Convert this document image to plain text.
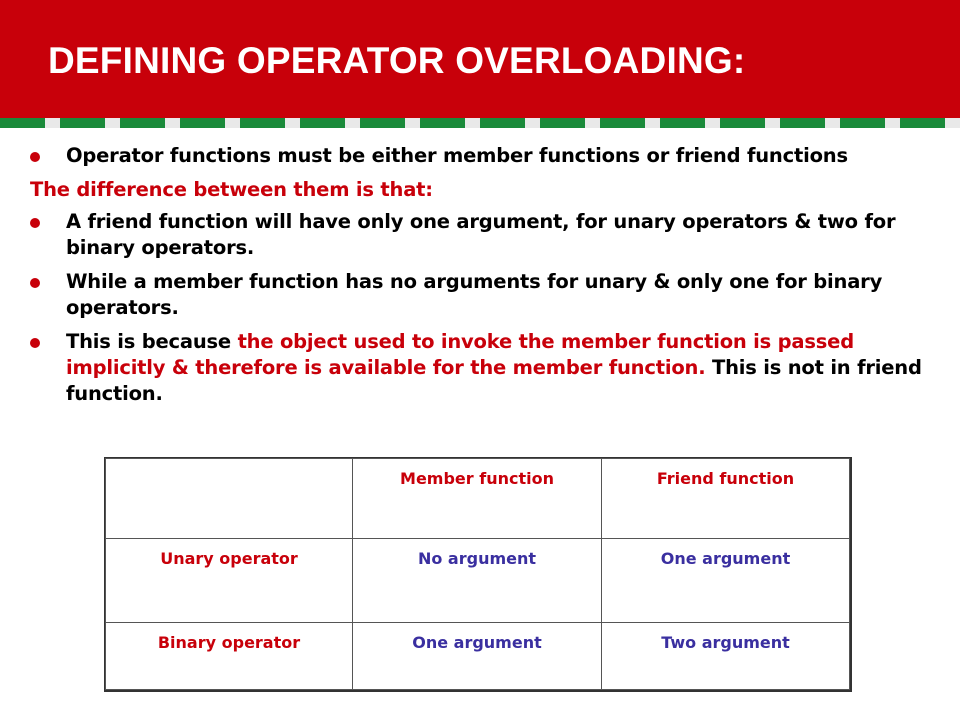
DEFINING OPERATOR OVERLOADING:
Operator functions must be either member functions or friend functions
The difference between them is that:
A friend function will have only one argument, for unary operators & two for binary operators.
While a member function has no arguments for unary & only one for binary operators.
This is because the object used to invoke the member function is passed implicitly & therefore is available for the member function. This is not in friend function.
	Member function	Friend function
Unary operator	No argument	One argument
Binary operator	One argument	Two argument
